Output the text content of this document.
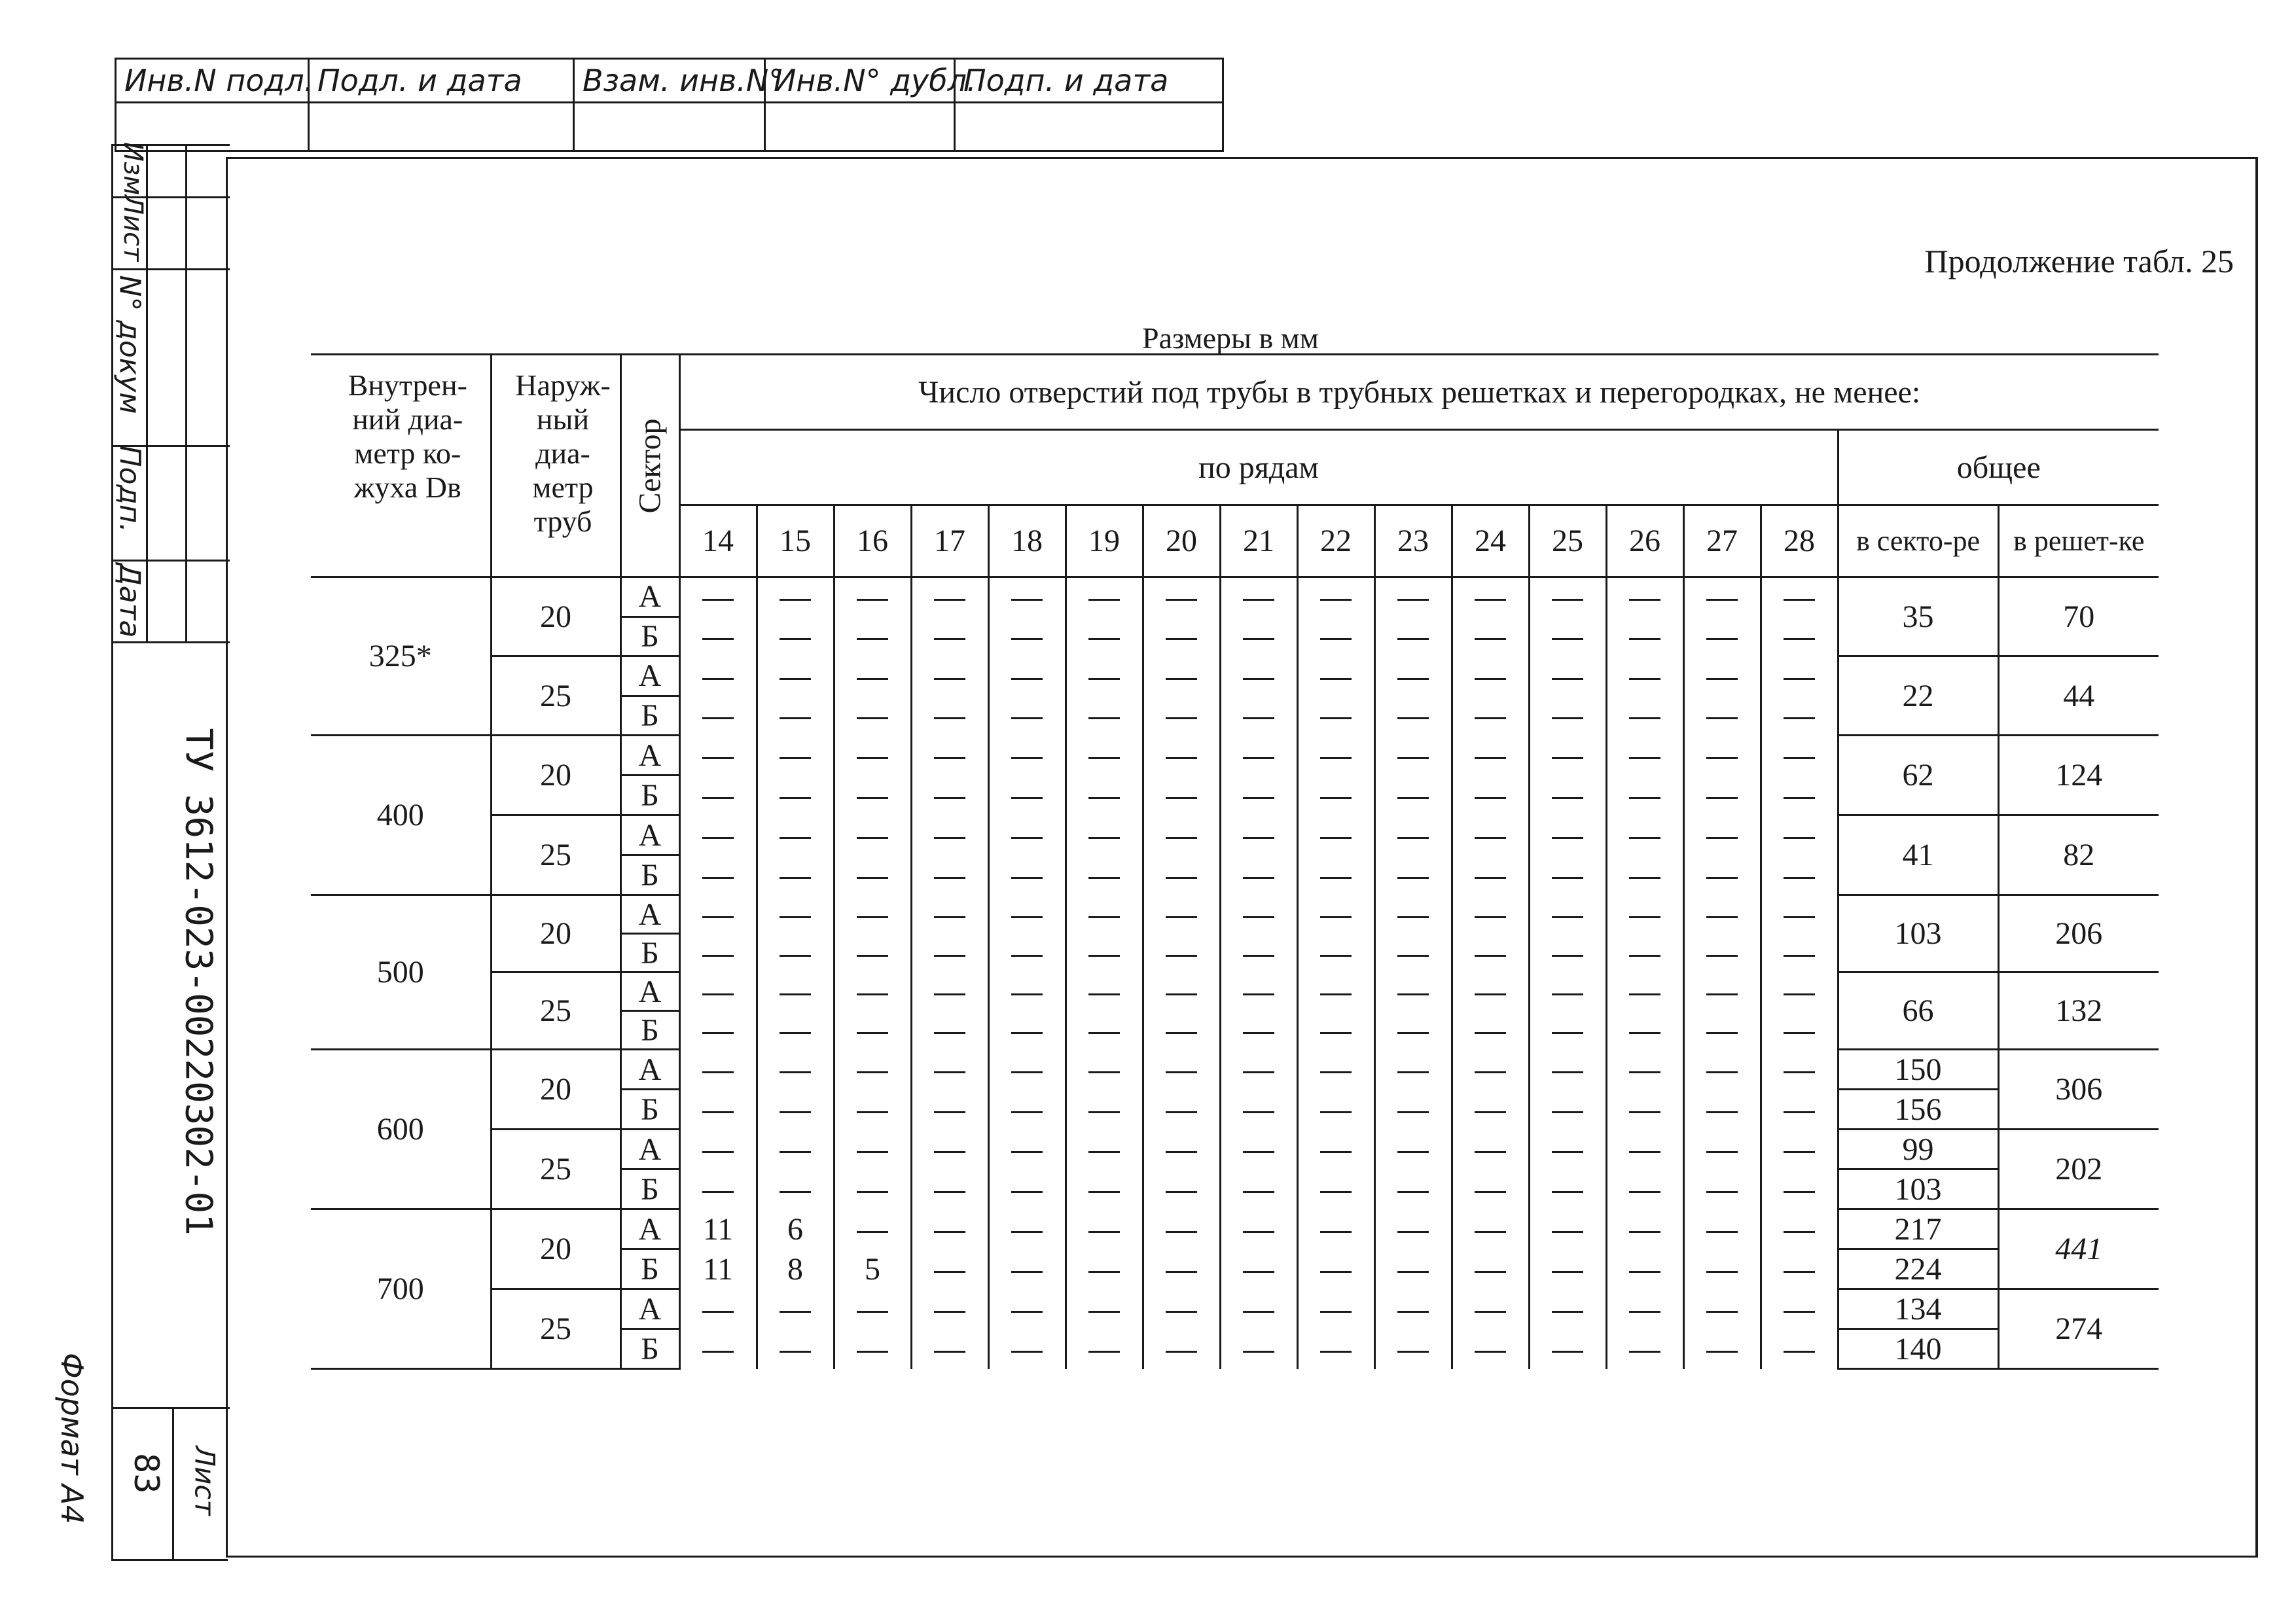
Инв.N подл. Подл. и дата	Взам. инв.N°
Инв.N° дубл.
Подп. и дата
Изм
Лист
N° докум
Подп.
Дата
ТУ 3612-023-00220302-01
Лист
83
Формат А4
Продолжение табл. 25
Размеры в мм
Внутрен-ний диа-метр ко-жуха Dв	Наруж-ный диа-метр труб	Сектор	Число отверстий под трубы в трубных решетках и перегородках, не менее:																
			по рядам															общее	
			14	15	16	17	18	19	20	21	22	23	24	25	26	27	28	в секто-ре	в решет-ке
325*	20	А																35	70
		Б																	
	25	А																22	44
		Б																	
400	20	А																62	124
		Б																	
	25	А																41	82
		Б																	
500	20	А																103	206
		Б																	
	25	А																66	132
		Б																	
600	20	А																150	306
		Б																156	
	25	А																99	202
		Б																103	
700	20	А	11	6														217	441
		Б	11	8	5													224	
	25	А																134	274
		Б																140	
